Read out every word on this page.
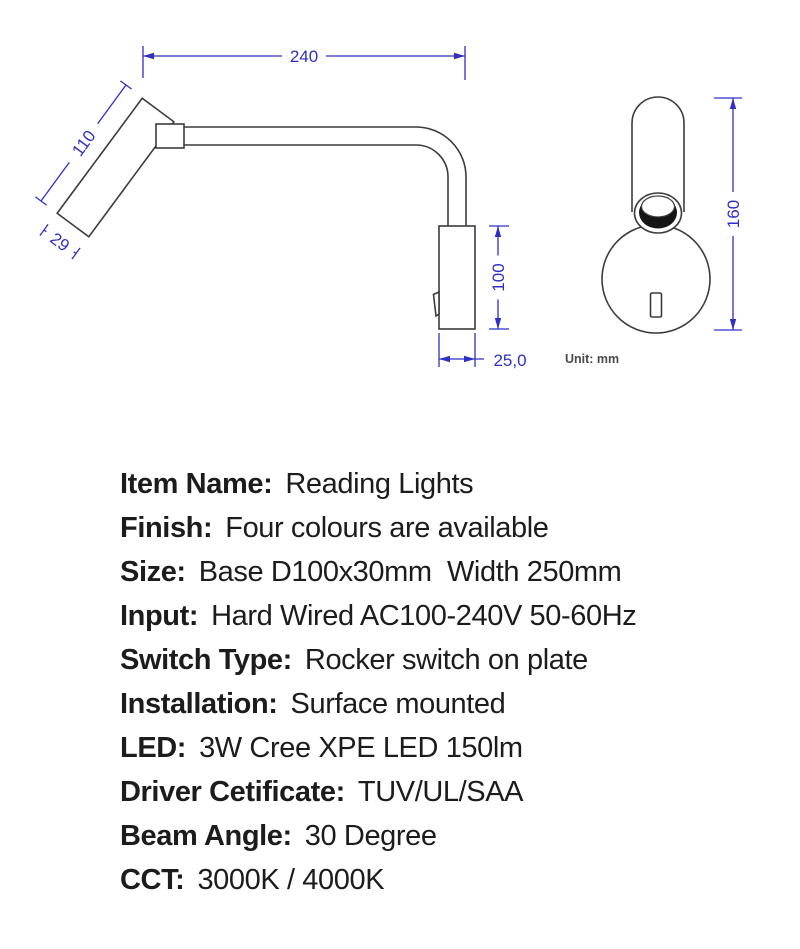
240
110
29
100
25,0
160
Unit: mm
Item Name: Reading Lights
Finish: Four colours are available
Size: Base D100x30mm  Width 250mm
Input: Hard Wired AC100-240V 50-60Hz
Switch Type: Rocker switch on plate
Installation: Surface mounted
LED: 3W Cree XPE LED 150lm
Driver Cetificate: TUV/UL/SAA
Beam Angle: 30 Degree
CCT: 3000K / 4000K
